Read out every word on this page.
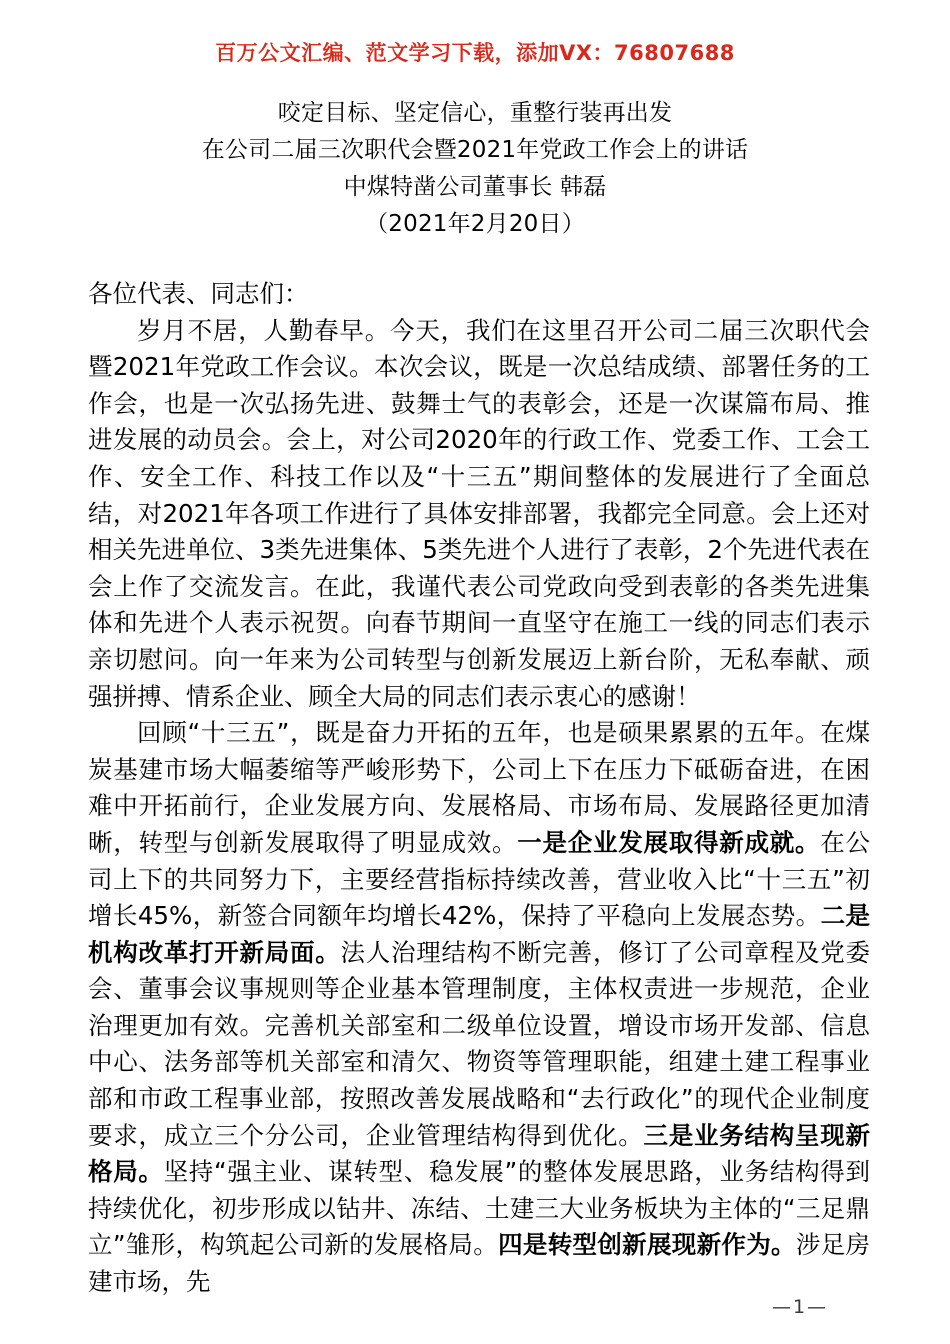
百万公文汇编、范文学习下载，添加VX：76807688
咬定目标、坚定信心，重整行装再出发
在公司二届三次职代会暨2021年党政工作会上的讲话
中煤特凿公司董事长 韩磊
（2021年2月20日）

各位代表、同志们：

岁月不居，人勤春早。今天，我们在这里召开公司二届三次职代会暨2021年党政工作会议。本次会议，既是一次总结成绩、部署任务的工作会，也是一次弘扬先进、鼓舞士气的表彰会，还是一次谋篇布局、推进发展的动员会。会上，对公司2020年的行政工作、党委工作、工会工作、安全工作、科技工作以及“十三五”期间整体的发展进行了全面总结，对2021年各项工作进行了具体安排部署，我都完全同意。会上还对相关先进单位、3类先进集体、5类先进个人进行了表彰，2个先进代表在会上作了交流发言。在此，我谨代表公司党政向受到表彰的各类先进集体和先进个人表示祝贺。向春节期间一直坚守在施工一线的同志们表示亲切慰问。向一年来为公司转型与创新发展迈上新台阶，无私奉献、顽强拼搏、情系企业、顾全大局的同志们表示衷心的感谢！

回顾“十三五”，既是奋力开拓的五年，也是硕果累累的五年。在煤炭基建市场大幅萎缩等严峻形势下，公司上下在压力下砥砺奋进，在困难中开拓前行，企业发展方向、发展格局、市场布局、发展路径更加清晰，转型与创新发展取得了明显成效。一是企业发展取得新成就。在公司上下的共同努力下，主要经营指标持续改善，营业收入比“十三五”初增长45%，新签合同额年均增长42%，保持了平稳向上发展态势。二是机构改革打开新局面。法人治理结构不断完善，修订了公司章程及党委会、董事会议事规则等企业基本管理制度，主体权责进一步规范，企业治理更加有效。完善机关部室和二级单位设置，增设市场开发部、信息中心、法务部等机关部室和清欠、物资等管理职能，组建土建工程事业部和市政工程事业部，按照改善发展战略和“去行政化”的现代企业制度要求，成立三个分公司，企业管理结构得到优化。三是业务结构呈现新格局。坚持“强主业、谋转型、稳发展”的整体发展思路，业务结构得到持续优化，初步形成以钻井、冻结、土建三大业务板块为主体的“三足鼎立”雏形，构筑起公司新的发展格局。四是转型创新展现新作为。涉足房建市场，先

—1—
